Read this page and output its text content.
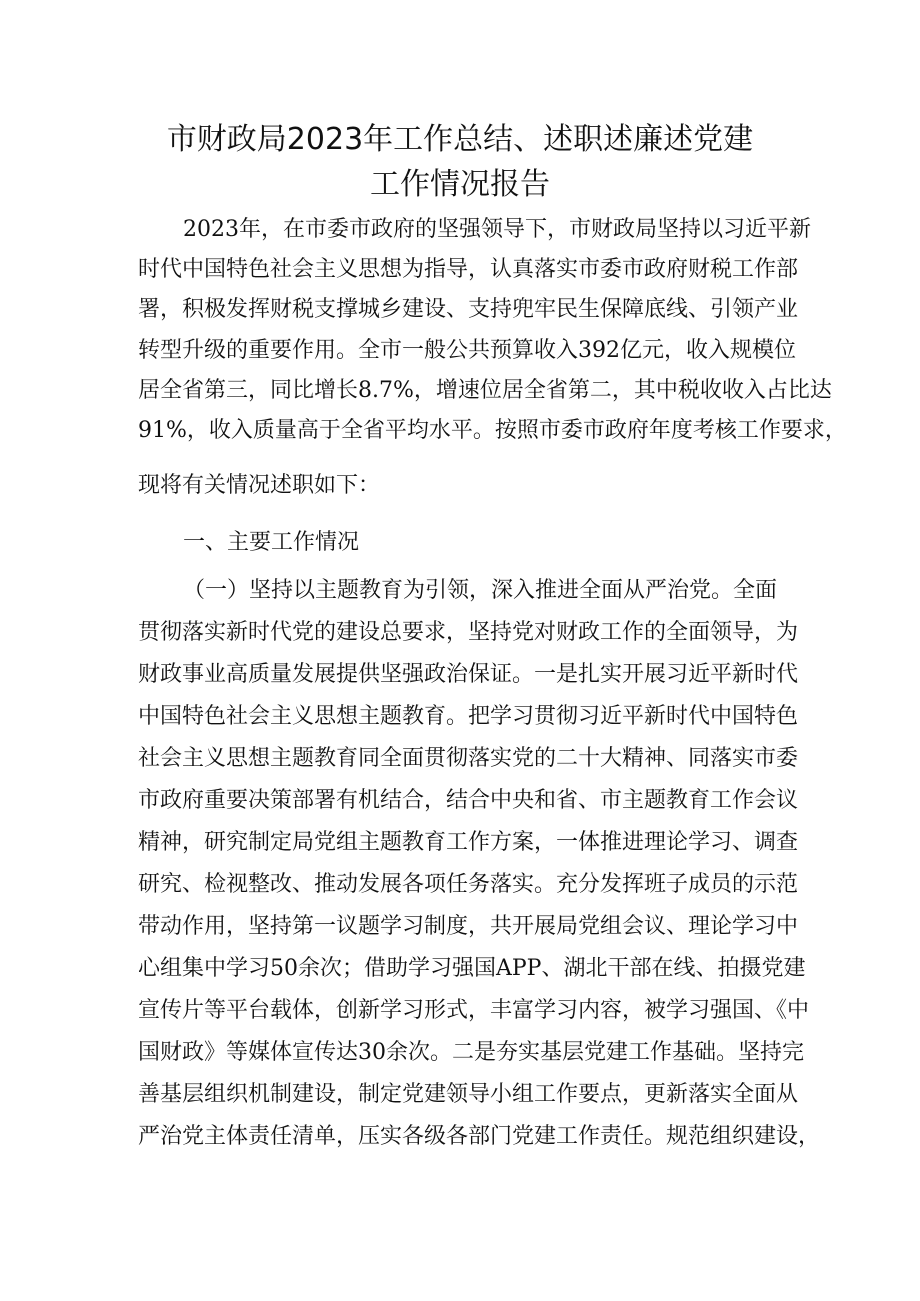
市财政局2023年工作总结、述职述廉述党建
工作情况报告
2023年，在市委市政府的坚强领导下，市财政局坚持以习近平新
时代中国特色社会主义思想为指导，认真落实市委市政府财税工作部
署，积极发挥财税支撑城乡建设、支持兜牢民生保障底线、引领产业
转型升级的重要作用。全市一般公共预算收入392亿元，收入规模位
居全省第三，同比增长8.7%，增速位居全省第二，其中税收收入占比达
91%，收入质量高于全省平均水平。按照市委市政府年度考核工作要求，
现将有关情况述职如下：
一、主要工作情况
（一）坚持以主题教育为引领，深入推进全面从严治党。全面
贯彻落实新时代党的建设总要求，坚持党对财政工作的全面领导，为
财政事业高质量发展提供坚强政治保证。一是扎实开展习近平新时代
中国特色社会主义思想主题教育。把学习贯彻习近平新时代中国特色
社会主义思想主题教育同全面贯彻落实党的二十大精神、同落实市委
市政府重要决策部署有机结合，结合中央和省、市主题教育工作会议
精神，研究制定局党组主题教育工作方案，一体推进理论学习、调查
研究、检视整改、推动发展各项任务落实。充分发挥班子成员的示范
带动作用，坚持第一议题学习制度，共开展局党组会议、理论学习中
心组集中学习50余次；借助学习强国APP、湖北干部在线、拍摄党建
宣传片等平台载体，创新学习形式，丰富学习内容，被学习强国、《中
国财政》等媒体宣传达30余次。二是夯实基层党建工作基础。坚持完
善基层组织机制建设，制定党建领导小组工作要点，更新落实全面从
严治党主体责任清单，压实各级各部门党建工作责任。规范组织建设，
